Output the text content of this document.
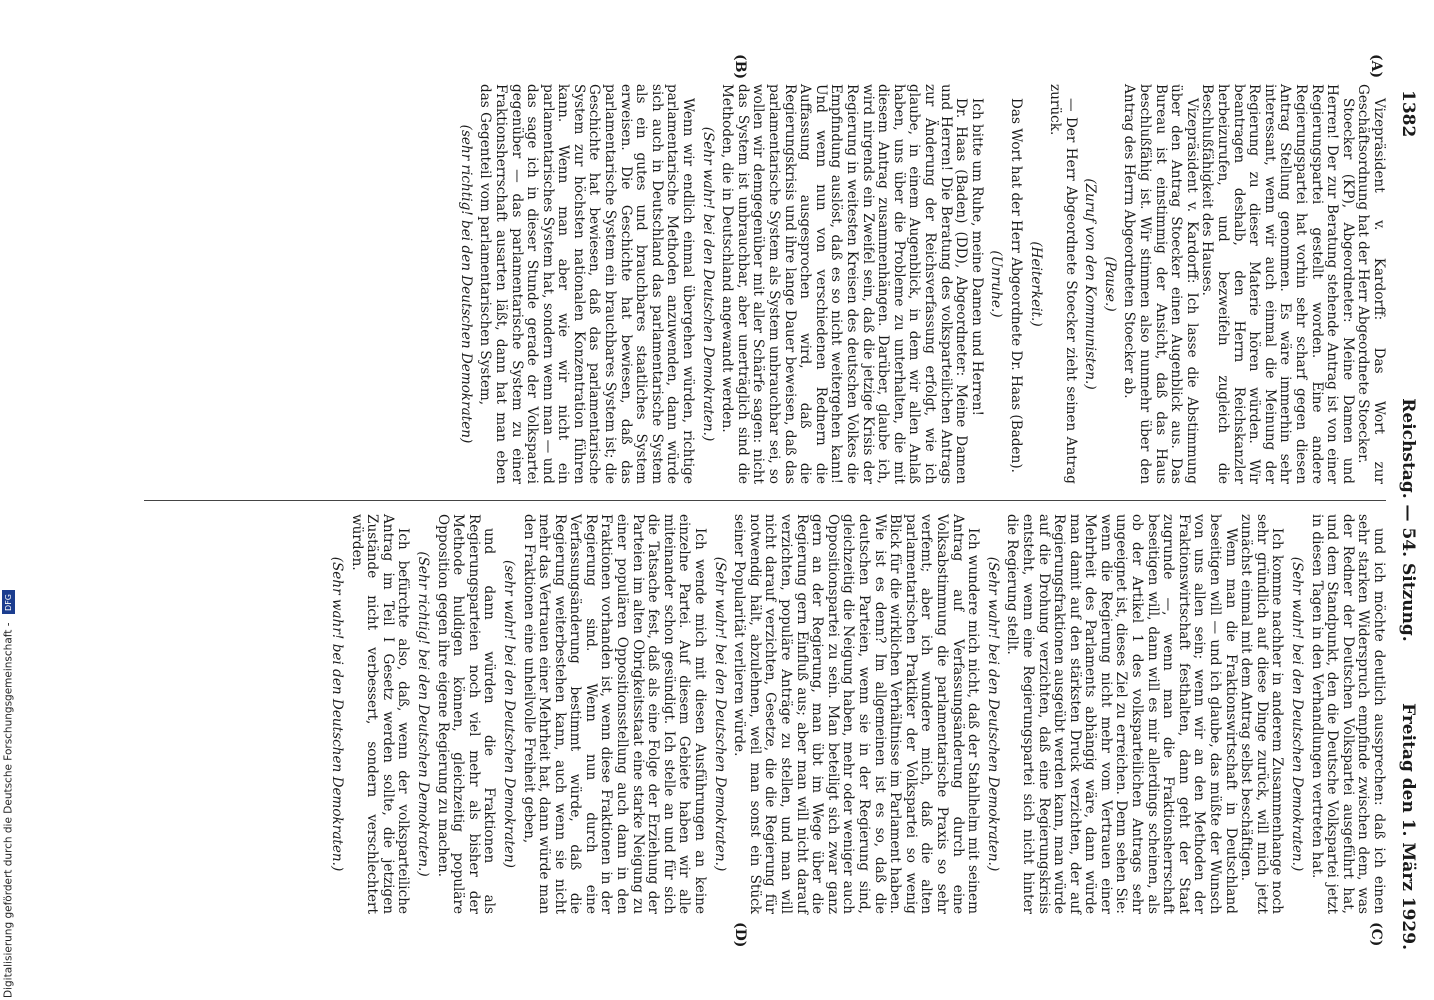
1382
Reichstag. — 54. Sitzung.
Freitag den 1. März 1929.
(A)
(B)
(C)
(D)

Vizepräsident v. Kardorff: Das Wort zur Geschäftsordnung hat der Herr Abgeordnete Stoecker.

Stoecker (KP), Abgeordneter: Meine Damen und Herren! Der zur Beratung stehende Antrag ist von einer Regierungspartei gestellt worden. Eine andere Regierungspartei hat vorhin sehr scharf gegen diesen Antrag Stellung genommen. Es wäre immerhin sehr interessant, wenn wir auch einmal die Meinung der Regierung zu dieser Materie hören würden. Wir beantragen deshalb, den Herrn Reichskanzler herbeizurufen, und bezweifeln zugleich die Beschlußfähigkeit des Hauses.

Vizepräsident v. Kardorff: Ich lasse die Abstimmung über den Antrag Stoecker einen Augenblick aus. Das Bureau ist einstimmig der Ansicht, daß das Haus beschlußfähig ist. Wir stimmen also nunmehr über den Antrag des Herrn Abgeordneten Stoecker ab.

(Pause.)

(Zuruf von den Kommunisten.)

— Der Herr Abgeordnete Stoecker zieht seinen Antrag zurück.

(Heiterkeit.)

Das Wort hat der Herr Abgeordnete Dr. Haas (Baden).

(Unruhe.)

Ich bitte um Ruhe, meine Damen und Herren!

Dr. Haas (Baden) (DD), Abgeordneter: Meine Damen und Herren! Die Beratung des volksparteilichen Antrags zur Änderung der Reichsverfassung erfolgt, wie ich glaube, in einem Augenblick, in dem wir allen Anlaß haben, uns über die Probleme zu unterhalten, die mit diesem Antrag zusammenhängen. Darüber, glaube ich, wird nirgends ein Zweifel sein, daß die jetzige Krisis der Regierung in weitesten Kreisen des deutschen Volkes die Empfindung auslöst, daß es so nicht weitergehen kann! Und wenn nun von verschiedenen Rednern die Auffassung ausgesprochen wird, daß die Regierungskrisis und ihre lange Dauer beweisen, daß das parlamentarische System als System unbrauchbar sei, so wollen wir demgegenüber mit aller Schärfe sagen: nicht das System ist unbrauchbar, aber unerträglich sind die Methoden, die in Deutschland angewandt werden.

(Sehr wahr! bei den Deutschen Demokraten.)

Wenn wir endlich einmal übergehen würden, richtige parlamentarische Methoden anzuwenden, dann würde sich auch in Deutschland das parlamentarische System als ein gutes und brauchbares staatliches System erweisen. Die Geschichte hat bewiesen, daß das parlamentarische System ein brauchbares System ist; die Geschichte hat bewiesen, daß das parlamentarische System zur höchsten nationalen Konzentration führen kann. Wenn man aber wie wir nicht ein parlamentarisches System hat, sondern wenn man — und das sage ich in dieser Stunde gerade der Volkspartei gegenüber — das parlamentarische System zu einer Fraktionsherrschaft ausarten läßt, dann hat man eben das Gegenteil vom parlamentarischen System,

(sehr richtig! bei den Deutschen Demokraten)

und ich möchte deutlich aussprechen: daß ich einen sehr starken Widerspruch empfinde zwischen dem, was der Redner der Deutschen Volkspartei ausgeführt hat, und dem Standpunkt, den die Deutsche Volkspartei jetzt in diesen Tagen in den Verhandlungen vertreten hat.

(Sehr wahr! bei den Deutschen Demokraten.)

Ich komme nachher in anderem Zusammenhange noch sehr gründlich auf diese Dinge zurück, will mich jetzt zunächst einmal mit dem Antrag selbst beschäftigen.

Wenn man die Fraktionswirtschaft in Deutschland beseitigen will — und ich glaube, das müßte der Wunsch von uns allen sein; wenn wir an den Methoden der Fraktionswirtschaft festhalten, dann geht der Staat zugrunde —, wenn man die Fraktionsherrschaft beseitigen will, dann will es mir allerdings scheinen, als ob der Artikel 1 des volksparteilichen Antrags sehr ungeeignet ist, dieses Ziel zu erreichen. Denn sehen Sie: wenn die Regierung nicht mehr vom Vertrauen einer Mehrheit des Parlaments abhängig wäre, dann würde man damit auf den stärksten Druck verzichten, der auf Regierungsfraktionen ausgeübt werden kann, man würde auf die Drohung verzichten, daß eine Regierungskrisis entsteht, wenn eine Regierungspartei sich nicht hinter die Regierung stellt.

(Sehr wahr! bei den Deutschen Demokraten.)

Ich wundere mich nicht, daß der Stahlhelm mit seinem Antrag auf Verfassungsänderung durch eine Volksabstimmung die parlamentarische Praxis so sehr verfemt; aber ich wundere mich, daß die alten parlamentarischen Praktiker der Volkspartei so wenig Blick für die wirklichen Verhältnisse im Parlament haben. Wie ist es denn? Im allgemeinen ist es so, daß die deutschen Parteien, wenn sie in der Regierung sind, gleichzeitig die Neigung haben, mehr oder weniger auch Oppositionspartei zu sein. Man beteiligt sich zwar ganz gern an der Regierung, man übt im Wege über die Regierung gern Einfluß aus; aber man will nicht darauf verzichten, populäre Anträge zu stellen, und man will nicht darauf verzichten, Gesetze, die die Regierung für notwendig hält, abzulehnen, weil man sonst ein Stück seiner Popularität verlieren würde.

(Sehr wahr! bei den Deutschen Demokraten.)

Ich wende mich mit diesen Ausführungen an keine einzelne Partei. Auf diesem Gebiete haben wir alle miteinander schon gesündigt. Ich stelle an und für sich die Tatsache fest, daß als eine Folge der Erziehung der Parteien im alten Obrigkeitsstaat eine starke Neigung zu einer populären Oppositionsstellung auch dann in den Fraktionen vorhanden ist, wenn diese Fraktionen in der Regierung sind. Wenn nun durch eine Verfassungsänderung bestimmt würde, daß die Regierung weiterbestehen kann, auch wenn sie nicht mehr das Vertrauen einer Mehrheit hat, dann würde man den Fraktionen eine unheilvolle Freiheit geben,

(sehr wahr! bei den Deutschen Demokraten)

und dann würden die Fraktionen als Regierungsparteien noch viel mehr als bisher der Methode huldigen können, gleichzeitig populäre Opposition gegen ihre eigene Regierung zu machen.

(Sehr richtig! bei den Deutschen Demokraten.)

Ich befürchte also, daß, wenn der volksparteiliche Antrag im Teil I Gesetz werden sollte, die jetzigen Zustände nicht verbessert, sondern verschlechtert würden.

(Sehr wahr! bei den Deutschen Demokraten.)

Digitalisierung gefördert durch die Deutsche Forschungsgemeinschaft -DFG
